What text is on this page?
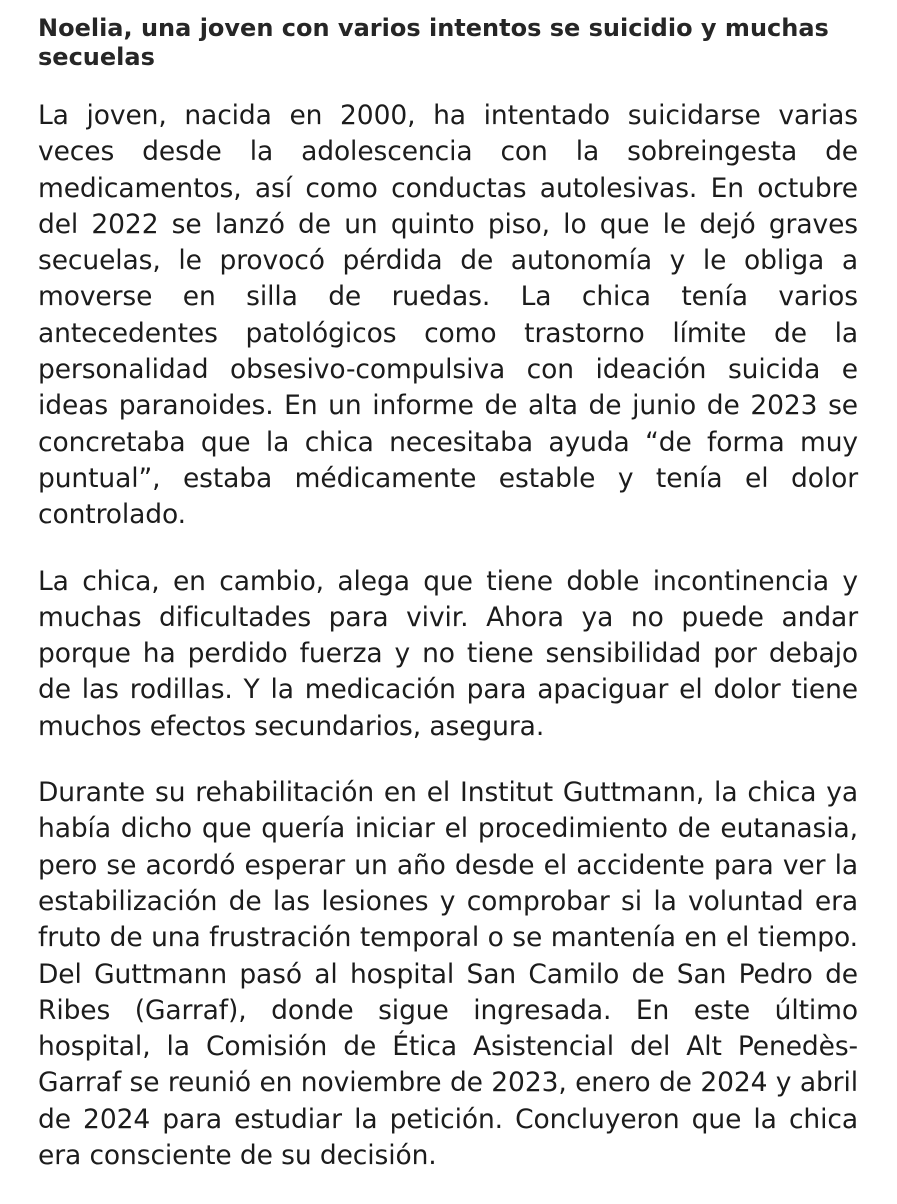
Noelia, una joven con varios intentos se suicidio y muchas secuelas

La joven, nacida en 2000, ha intentado suicidarse varias veces desde la adolescencia con la sobreingesta de medicamentos, así como conductas autolesivas. En octubre del 2022 se lanzó de un quinto piso, lo que le dejó graves secuelas, le provocó pérdida de autonomía y le obliga a moverse en silla de ruedas. La chica tenía varios antecedentes patológicos como trastorno límite de la personalidad obsesivo-compulsiva con ideación suicida e ideas paranoides. En un informe de alta de junio de 2023 se concretaba que la chica necesitaba ayuda “de forma muy puntual”, estaba médicamente estable y tenía el dolor controlado.

La chica, en cambio, alega que tiene doble incontinencia y muchas dificultades para vivir. Ahora ya no puede andar porque ha perdido fuerza y no tiene sensibilidad por debajo de las rodillas. Y la medicación para apaciguar el dolor tiene muchos efectos secundarios, asegura.

Durante su rehabilitación en el Institut Guttmann, la chica ya había dicho que quería iniciar el procedimiento de eutanasia, pero se acordó esperar un año desde el accidente para ver la estabilización de las lesiones y comprobar si la voluntad era fruto de una frustración temporal o se mantenía en el tiempo. Del Guttmann pasó al hospital San Camilo de San Pedro de Ribes (Garraf), donde sigue ingresada. En este último hospital, la Comisión de Ética Asistencial del Alt Penedès-Garraf se reunió en noviembre de 2023, enero de 2024 y abril de 2024 para estudiar la petición. Concluyeron que la chica era consciente de su decisión.
